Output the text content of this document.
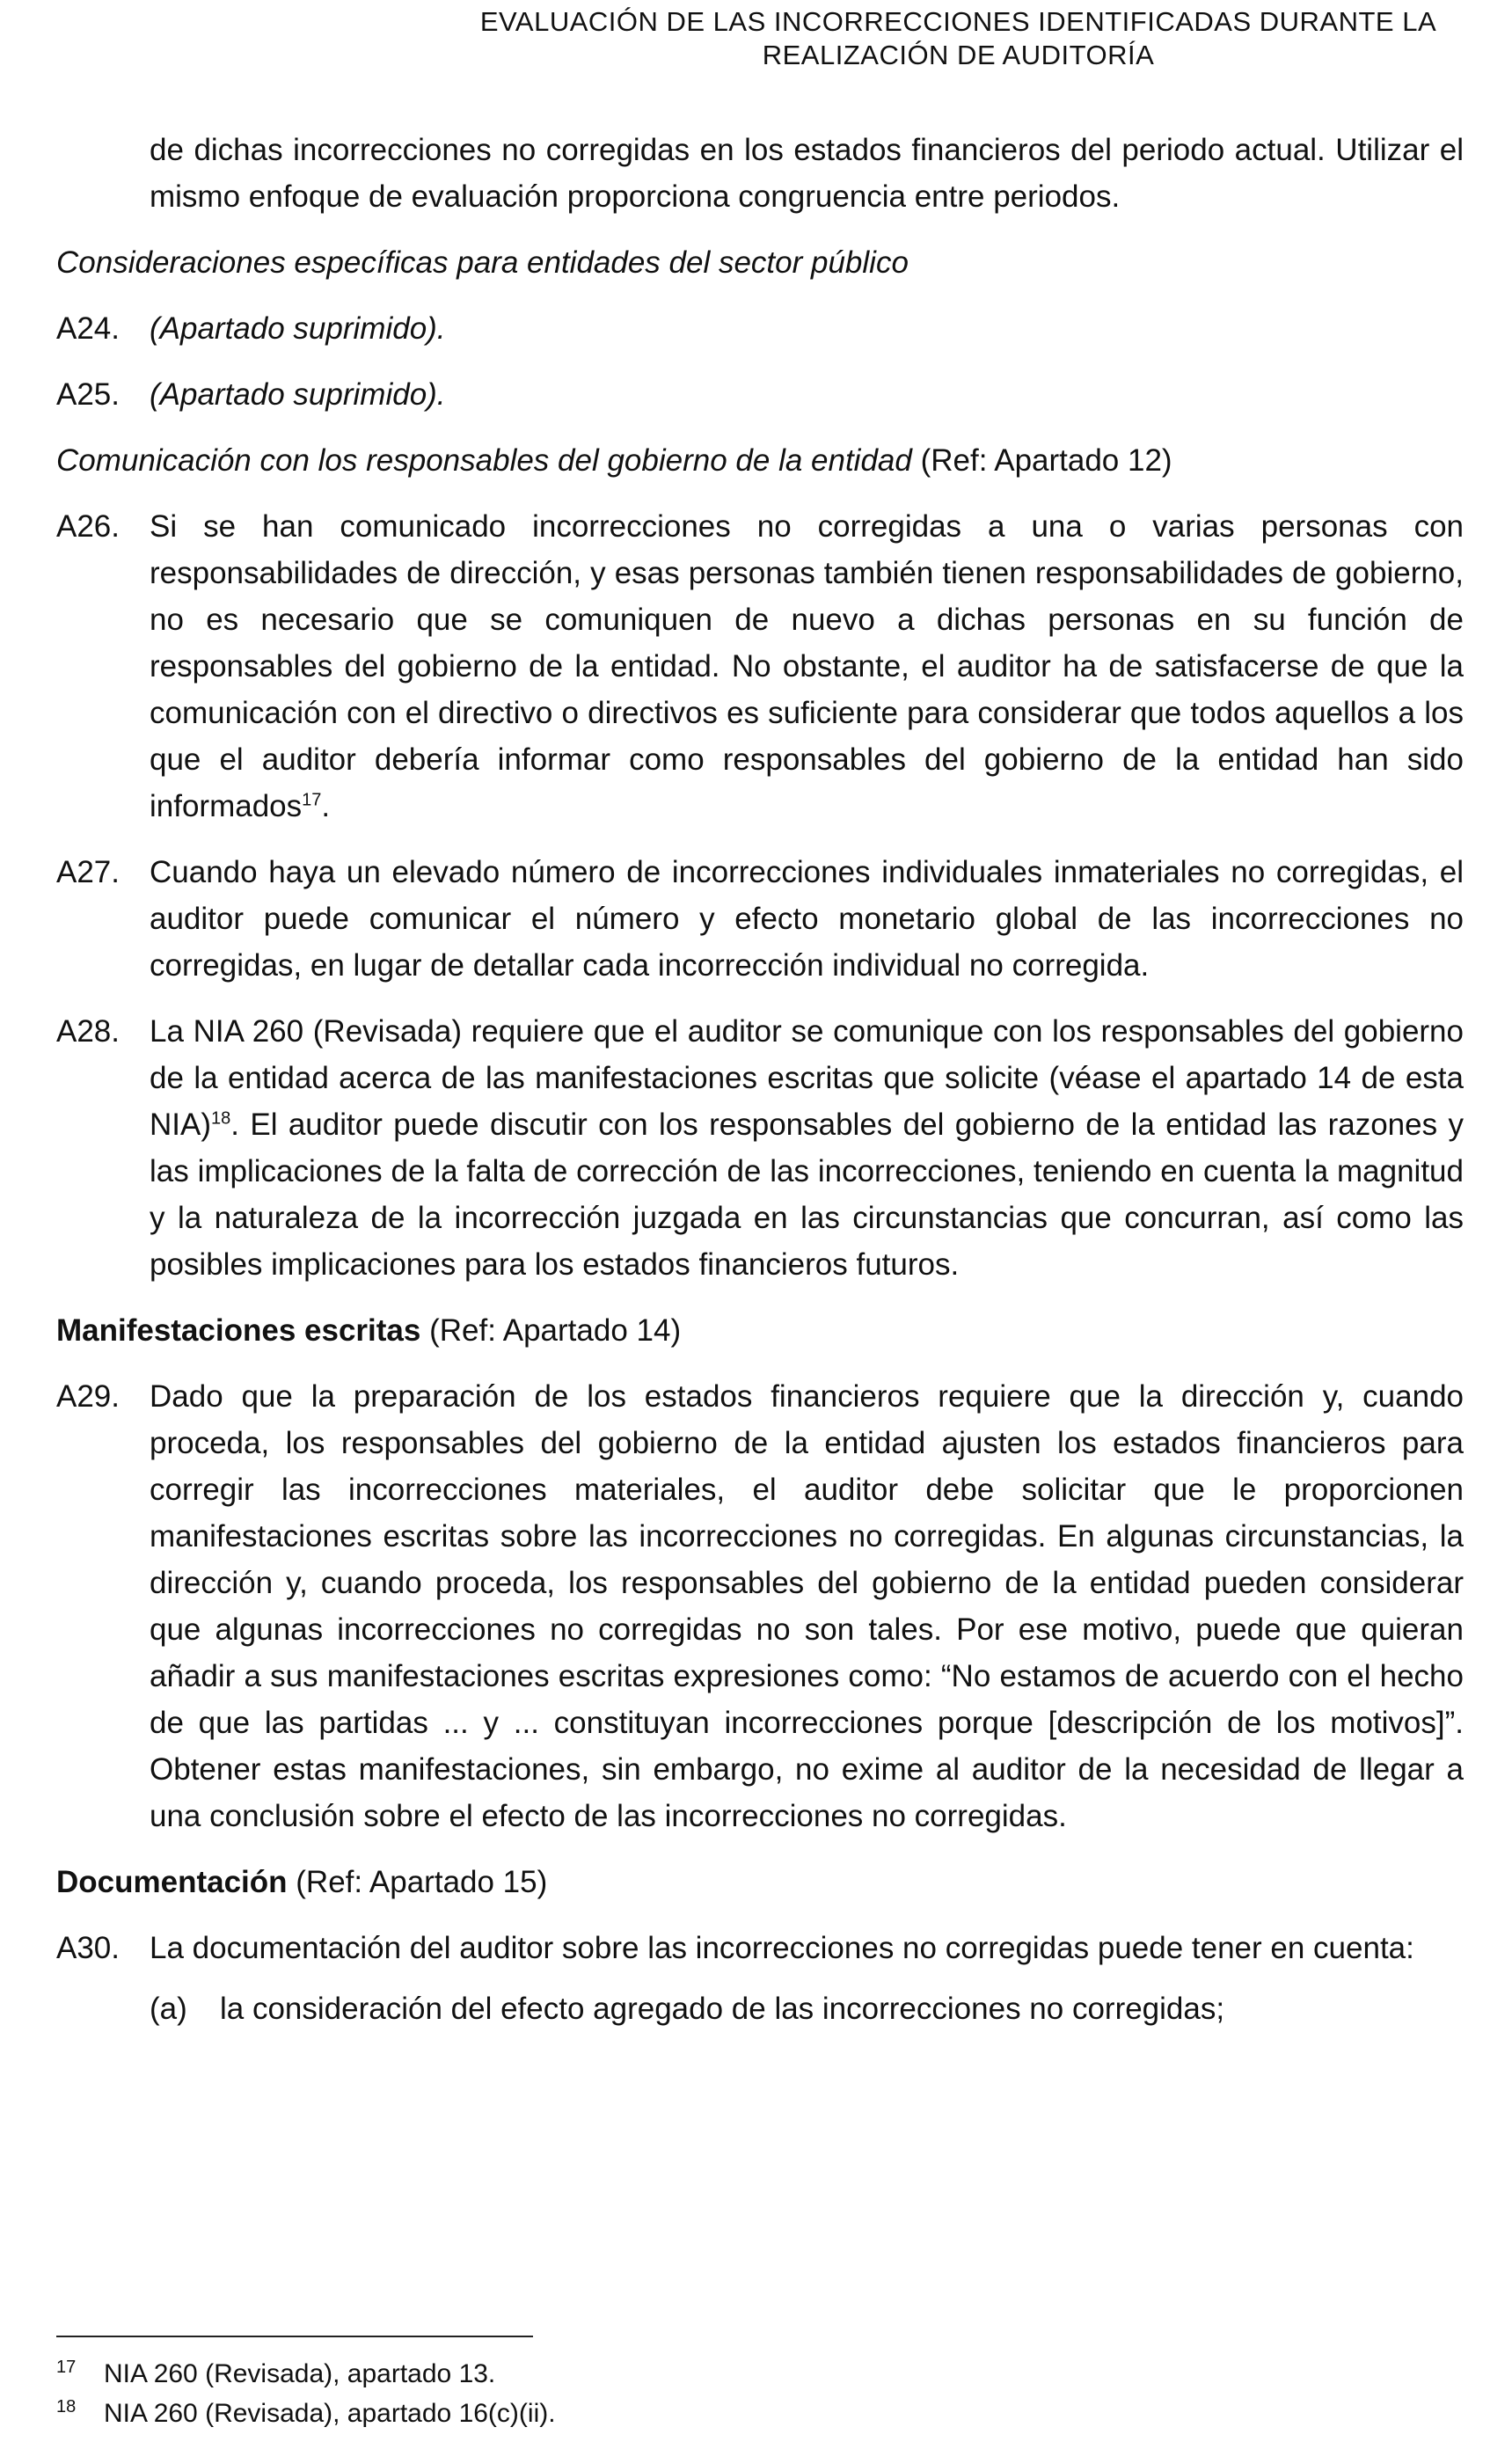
EVALUACIÓN DE LAS INCORRECCIONES IDENTIFICADAS DURANTE LA
REALIZACIÓN DE AUDITORÍA

de dichas incorrecciones no corregidas en los estados financieros del periodo actual. Utilizar el mismo enfoque de evaluación proporciona congruencia entre periodos.

Consideraciones específicas para entidades del sector público

A24. (Apartado suprimido).
A25. (Apartado suprimido).

Comunicación con los responsables del gobierno de la entidad (Ref: Apartado 12)

A26. Si se han comunicado incorrecciones no corregidas a una o varias personas con responsabilidades de dirección, y esas personas también tienen responsabilidades de gobierno, no es necesario que se comuniquen de nuevo a dichas personas en su función de responsables del gobierno de la entidad. No obstante, el auditor ha de satisfacerse de que la comunicación con el directivo o directivos es suficiente para considerar que todos aquellos a los que el auditor debería informar como responsables del gobierno de la entidad han sido informados$^{17}$.
A27. Cuando haya un elevado número de incorrecciones individuales inmateriales no corregidas, el auditor puede comunicar el número y efecto monetario global de las incorrecciones no corregidas, en lugar de detallar cada incorrección individual no corregida.
A28. La NIA 260 (Revisada) requiere que el auditor se comunique con los responsables del gobierno de la entidad acerca de las manifestaciones escritas que solicite (véase el apartado 14 de esta NIA)$^{18}$. El auditor puede discutir con los responsables del gobierno de la entidad las razones y las implicaciones de la falta de corrección de las incorrecciones, teniendo en cuenta la magnitud y la naturaleza de la incorrección juzgada en las circunstancias que concurran, así como las posibles implicaciones para los estados financieros futuros.

Manifestaciones escritas (Ref: Apartado 14)

A29. Dado que la preparación de los estados financieros requiere que la dirección y, cuando proceda, los responsables del gobierno de la entidad ajusten los estados financieros para corregir las incorrecciones materiales, el auditor debe solicitar que le proporcionen manifestaciones escritas sobre las incorrecciones no corregidas. En algunas circunstancias, la dirección y, cuando proceda, los responsables del gobierno de la entidad pueden considerar que algunas incorrecciones no corregidas no son tales. Por ese motivo, puede que quieran añadir a sus manifestaciones escritas expresiones como: “No estamos de acuerdo con el hecho de que las partidas ... y ... constituyan incorrecciones porque [descripción de los motivos]”. Obtener estas manifestaciones, sin embargo, no exime al auditor de la necesidad de llegar a una conclusión sobre el efecto de las incorrecciones no corregidas.

Documentación (Ref: Apartado 15)

A30. La documentación del auditor sobre las incorrecciones no corregidas puede tener en cuenta:
(a)	la consideración del efecto agregado de las incorrecciones no corregidas;
17	NIA 260 (Revisada), apartado 13.
18	NIA 260 (Revisada), apartado 16(c)(ii).
